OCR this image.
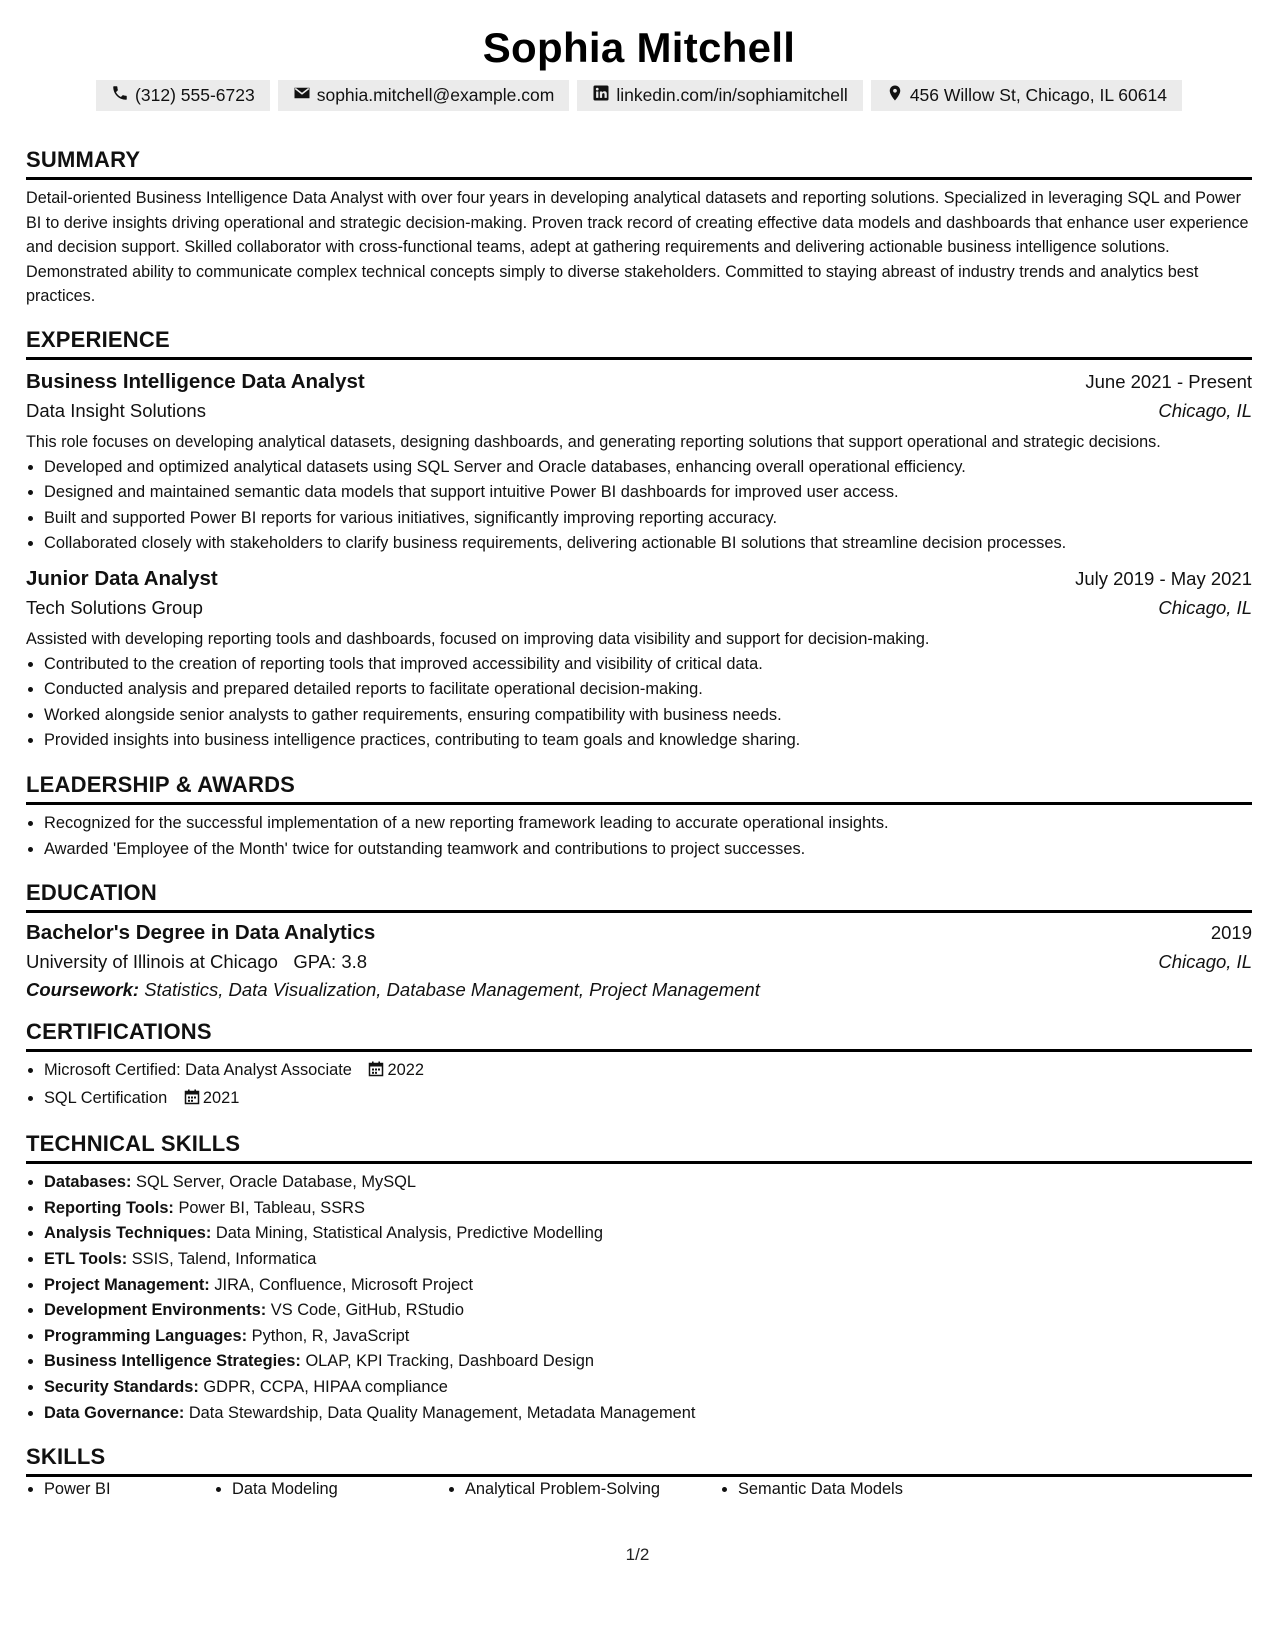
Sophia Mitchell
(312) 555-6723	sophia.mitchell@example.com	linkedin.com/in/sophiamitchell	456 Willow St, Chicago, IL 60614
SUMMARY
Detail-oriented Business Intelligence Data Analyst with over four years in developing analytical datasets and reporting solutions. Specialized in leveraging SQL and Power BI to derive insights driving operational and strategic decision-making. Proven track record of creating effective data models and dashboards that enhance user experience and decision support. Skilled collaborator with cross-functional teams, adept at gathering requirements and delivering actionable business intelligence solutions. Demonstrated ability to communicate complex technical concepts simply to diverse stakeholders. Committed to staying abreast of industry trends and analytics best practices.
EXPERIENCE
Business Intelligence Data Analyst	June 2021 - Present
Data Insight Solutions	Chicago, IL
This role focuses on developing analytical datasets, designing dashboards, and generating reporting solutions that support operational and strategic decisions.
• Developed and optimized analytical datasets using SQL Server and Oracle databases, enhancing overall operational efficiency.
• Designed and maintained semantic data models that support intuitive Power BI dashboards for improved user access.
• Built and supported Power BI reports for various initiatives, significantly improving reporting accuracy.
• Collaborated closely with stakeholders to clarify business requirements, delivering actionable BI solutions that streamline decision processes.
Junior Data Analyst	July 2019 - May 2021
Tech Solutions Group	Chicago, IL
Assisted with developing reporting tools and dashboards, focused on improving data visibility and support for decision-making.
• Contributed to the creation of reporting tools that improved accessibility and visibility of critical data.
• Conducted analysis and prepared detailed reports to facilitate operational decision-making.
• Worked alongside senior analysts to gather requirements, ensuring compatibility with business needs.
• Provided insights into business intelligence practices, contributing to team goals and knowledge sharing.
LEADERSHIP & AWARDS
• Recognized for the successful implementation of a new reporting framework leading to accurate operational insights.
• Awarded 'Employee of the Month' twice for outstanding teamwork and contributions to project successes.
EDUCATION
Bachelor's Degree in Data Analytics	2019
University of Illinois at Chicago GPA: 3.8	Chicago, IL
Coursework: Statistics, Data Visualization, Database Management, Project Management
CERTIFICATIONS
• Microsoft Certified: Data Analyst Associate 2022
• SQL Certification 2021
TECHNICAL SKILLS
• Databases: SQL Server, Oracle Database, MySQL
• Reporting Tools: Power BI, Tableau, SSRS
• Analysis Techniques: Data Mining, Statistical Analysis, Predictive Modelling
• ETL Tools: SSIS, Talend, Informatica
• Project Management: JIRA, Confluence, Microsoft Project
• Development Environments: VS Code, GitHub, RStudio
• Programming Languages: Python, R, JavaScript
• Business Intelligence Strategies: OLAP, KPI Tracking, Dashboard Design
• Security Standards: GDPR, CCPA, HIPAA compliance
• Data Governance: Data Stewardship, Data Quality Management, Metadata Management
SKILLS
• Power BI	• Data Modeling	• Analytical Problem-Solving	• Semantic Data Models
1/2
